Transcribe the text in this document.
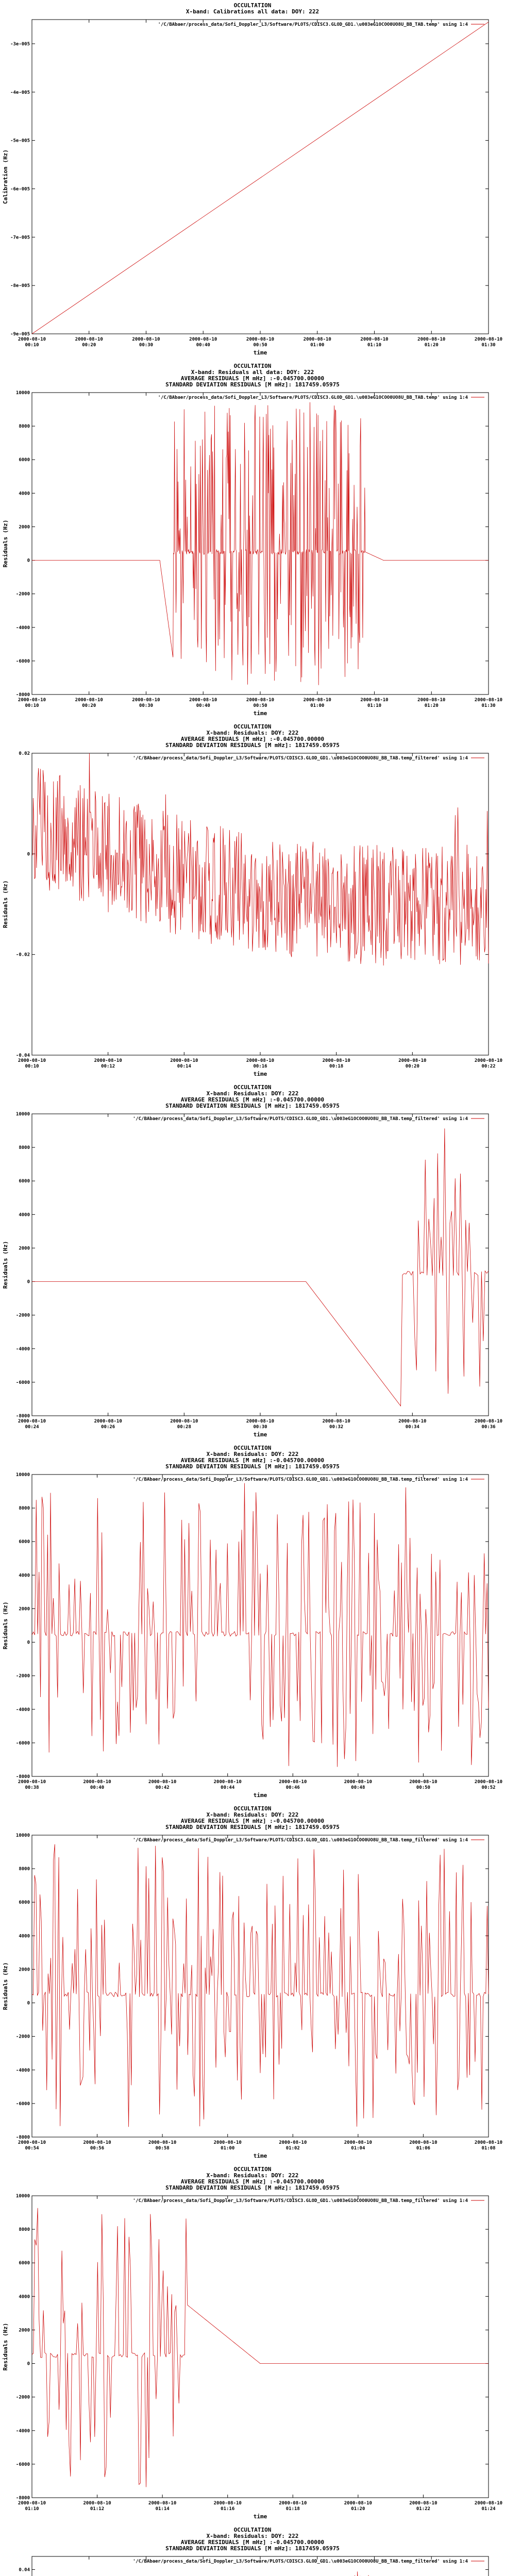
OCCULTATION
X-band: Calibrations all data: DOY: 222
'/C/BAbaer/process_data/Sofi_Doppler_L3/Software/PLOTS/CDISC3.GLOD_GD1.\u003eG1OCOO0UO8U_BB_TAB.temp' using 1:4
-3e-005
-4e-005
-5e-005
-6e-005
-7e-005
-8e-005
-9e-005
2000-08-10
00:10
2000-08-10
00:20
2000-08-10
00:30
2000-08-10
00:40
2000-08-10
00:50
2000-08-10
01:00
2000-08-10
01:10
2000-08-10
01:20
2000-08-10
01:30
time
Calibration (Hz)
OCCULTATION
X-band: Residuals all data: DOY: 222
AVERAGE RESIDUALS [M mHz] :-0.045700.00000
STANDARD DEVIATION RESIDUALS [M mHz]: 1817459.05975
'/C/BAbaer/process_data/Sofi_Doppler_L3/Software/PLOTS/CDISC3.GLOD_GD1.\u003eG1OCOO0UO8U_BB_TAB.temp' using 1:4
10000
8000
6000
4000
2000
0
-2000
-4000
-6000
-8000
2000-08-10
00:10
2000-08-10
00:20
2000-08-10
00:30
2000-08-10
00:40
2000-08-10
00:50
2000-08-10
01:00
2000-08-10
01:10
2000-08-10
01:20
2000-08-10
01:30
time
Residuals (Hz)
OCCULTATION
X-band: Residuals: DOY: 222
AVERAGE RESIDUALS [M mHz] :-0.045700.00000
STANDARD DEVIATION RESIDUALS [M mHz]: 1817459.05975
'/C/BAbaer/process_data/Sofi_Doppler_L3/Software/PLOTS/CDISC3.GLOD_GD1.\u003eG1OCOO0UO8U_BB_TAB.temp_filtered' using 1:4
0.02
0
-0.02
-0.04
2000-08-10
00:10
2000-08-10
00:12
2000-08-10
00:14
2000-08-10
00:16
2000-08-10
00:18
2000-08-10
00:20
2000-08-10
00:22
time
Residuals (Hz)
OCCULTATION
X-band: Residuals: DOY: 222
AVERAGE RESIDUALS [M mHz] :-0.045700.00000
STANDARD DEVIATION RESIDUALS [M mHz]: 1817459.05975
'/C/BAbaer/process_data/Sofi_Doppler_L3/Software/PLOTS/CDISC3.GLOD_GD1.\u003eG1OCOO0UO8U_BB_TAB.temp_filtered' using 1:4
10000
8000
6000
4000
2000
0
-2000
-4000
-6000
-8000
2000-08-10
00:24
2000-08-10
00:26
2000-08-10
00:28
2000-08-10
00:30
2000-08-10
00:32
2000-08-10
00:34
2000-08-10
00:36
time
Residuals (Hz)
OCCULTATION
X-band: Residuals: DOY: 222
AVERAGE RESIDUALS [M mHz] :-0.045700.00000
STANDARD DEVIATION RESIDUALS [M mHz]: 1817459.05975
'/C/BAbaer/process_data/Sofi_Doppler_L3/Software/PLOTS/CDISC3.GLOD_GD1.\u003eG1OCOO0UO8U_BB_TAB.temp_filtered' using 1:4
10000
8000
6000
4000
2000
0
-2000
-4000
-6000
-8000
2000-08-10
00:38
2000-08-10
00:40
2000-08-10
00:42
2000-08-10
00:44
2000-08-10
00:46
2000-08-10
00:48
2000-08-10
00:50
2000-08-10
00:52
time
Residuals (Hz)
OCCULTATION
X-band: Residuals: DOY: 222
AVERAGE RESIDUALS [M mHz] :-0.045700.00000
STANDARD DEVIATION RESIDUALS [M mHz]: 1817459.05975
'/C/BAbaer/process_data/Sofi_Doppler_L3/Software/PLOTS/CDISC3.GLOD_GD1.\u003eG1OCOO0UO8U_BB_TAB.temp_filtered' using 1:4
10000
8000
6000
4000
2000
0
-2000
-4000
-6000
-8000
2000-08-10
00:54
2000-08-10
00:56
2000-08-10
00:58
2000-08-10
01:00
2000-08-10
01:02
2000-08-10
01:04
2000-08-10
01:06
2000-08-10
01:08
time
Residuals (Hz)
OCCULTATION
X-band: Residuals: DOY: 222
AVERAGE RESIDUALS [M mHz] :-0.045700.00000
STANDARD DEVIATION RESIDUALS [M mHz]: 1817459.05975
'/C/BAbaer/process_data/Sofi_Doppler_L3/Software/PLOTS/CDISC3.GLOD_GD1.\u003eG1OCOO0UO8U_BB_TAB.temp_filtered' using 1:4
10000
8000
6000
4000
2000
0
-2000
-4000
-6000
-8000
2000-08-10
01:10
2000-08-10
01:12
2000-08-10
01:14
2000-08-10
01:16
2000-08-10
01:18
2000-08-10
01:20
2000-08-10
01:22
2000-08-10
01:24
time
Residuals (Hz)
OCCULTATION
X-band: Residuals: DOY: 222
AVERAGE RESIDUALS [M mHz] :-0.045700.00000
STANDARD DEVIATION RESIDUALS [M mHz]: 1817459.05975
'/C/BAbaer/process_data/Sofi_Doppler_L3/Software/PLOTS/CDISC3.GLOD_GD1.\u003eG1OCOO0UO8U_BB_TAB.temp_filtered' using 1:4
0.04
